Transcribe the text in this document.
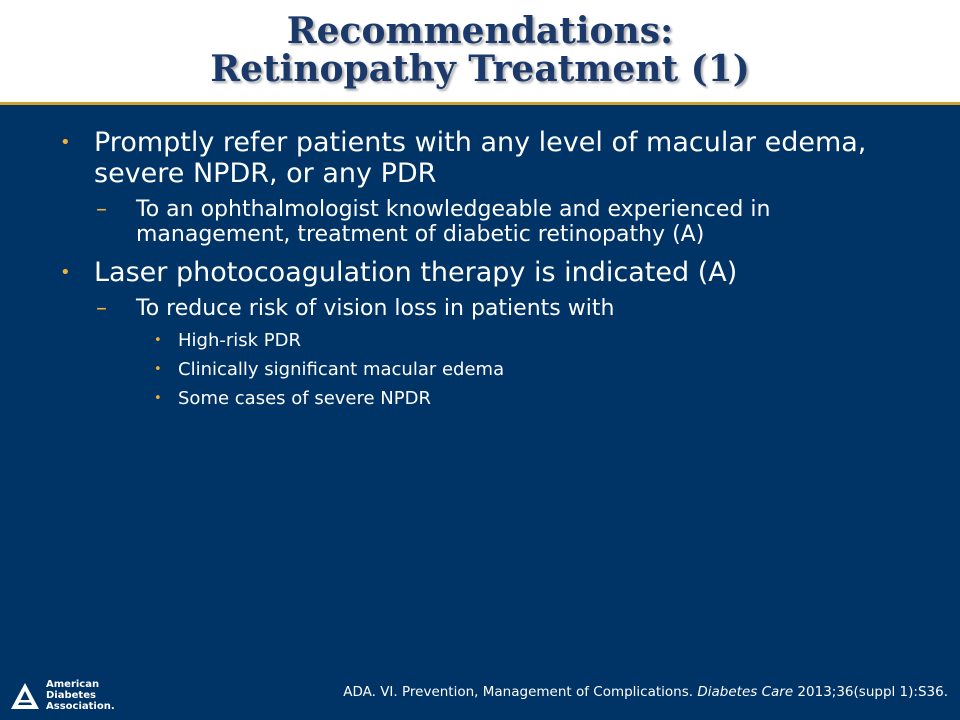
Recommendations:
Retinopathy Treatment (1)
• Promptly refer patients with any level of macular edema, severe NPDR, or any PDR
– To an ophthalmologist knowledgeable and experienced in management, treatment of diabetic retinopathy (A)
• Laser photocoagulation therapy is indicated (A)
– To reduce risk of vision loss in patients with
• High-risk PDR
• Clinically significant macular edema
• Some cases of severe NPDR
American
Diabetes
Association.
ADA. VI. Prevention, Management of Complications. Diabetes Care 2013;36(suppl 1):S36.
